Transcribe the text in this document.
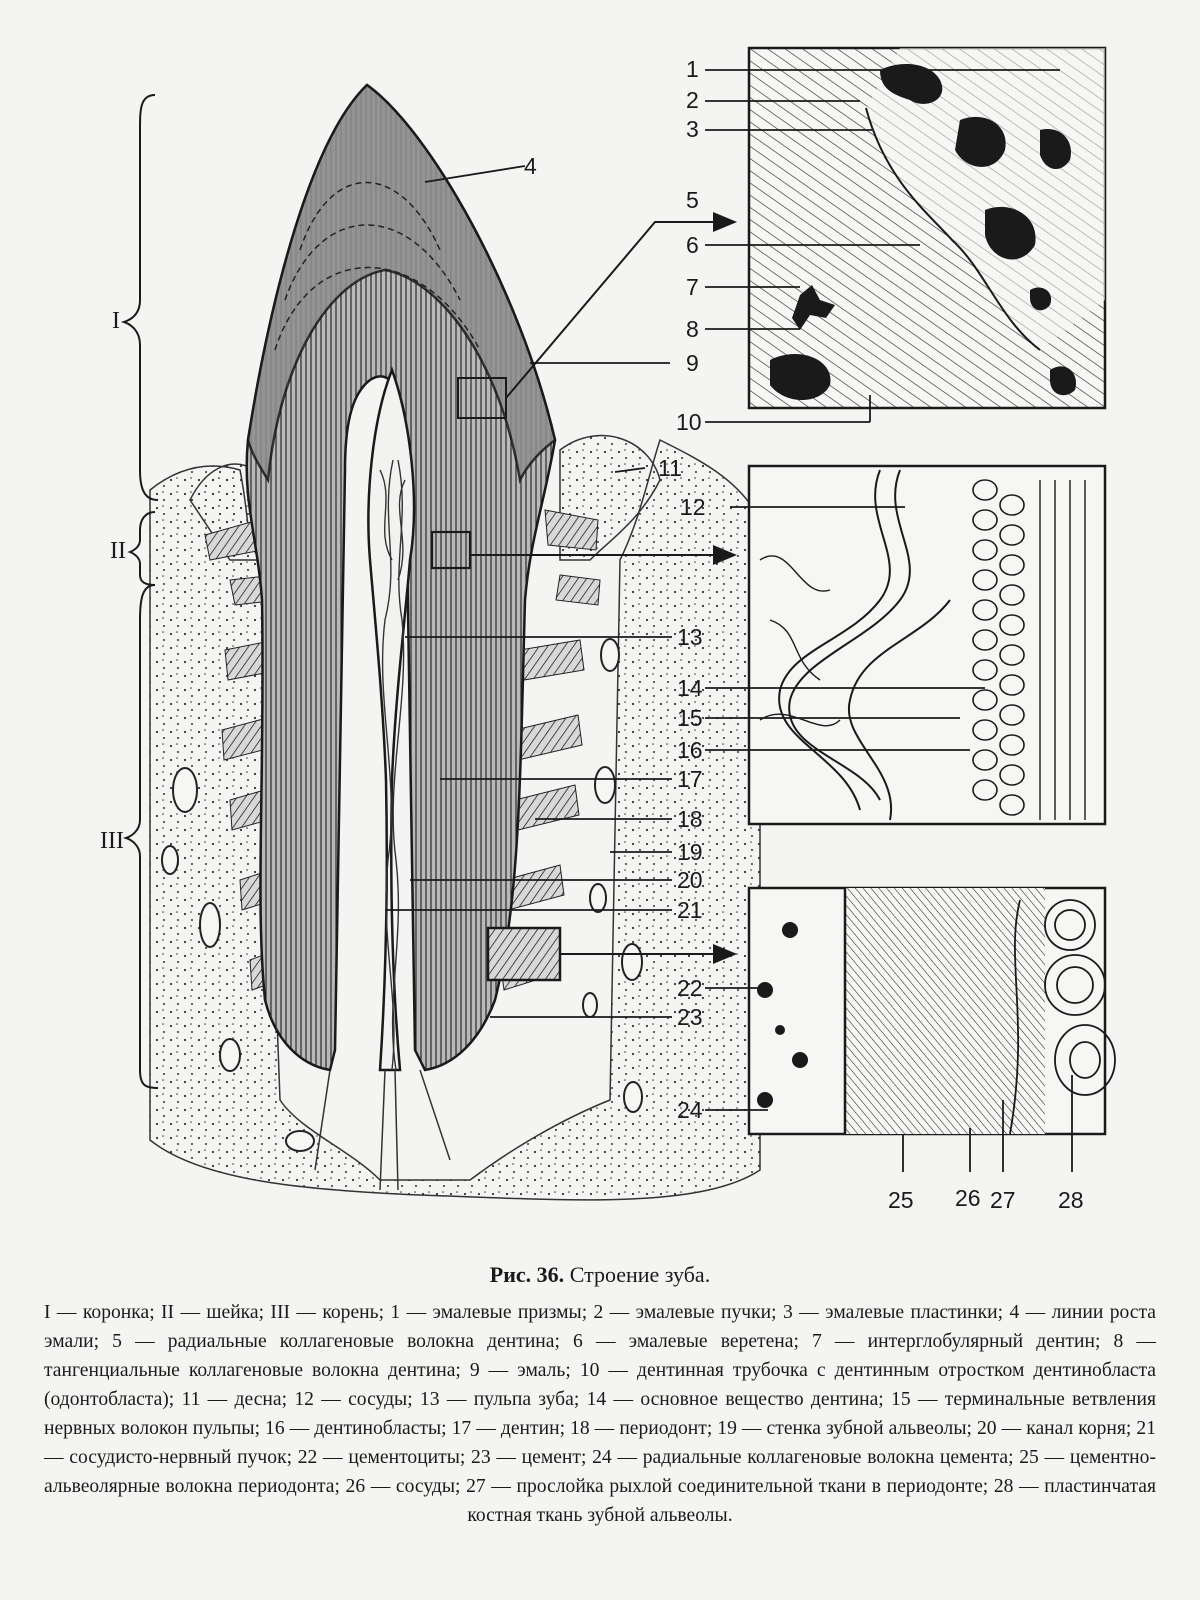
I
II
III
1
2
3
4
5
6
7
8
9
10
11
12
13
14
15
16
17
18
19
20
21
22
23
24
25 26 27 28

Рис. 36. Строение зуба.

I — коронка; II — шейка; III — корень; 1 — эмалевые призмы; 2 — эмалевые пучки; 3 — эмалевые пластинки; 4 — линии роста эмали; 5 — радиальные коллагеновые волокна дентина; 6 — эмалевые веретена; 7 — интерглобулярный дентин; 8 — тангенциальные коллагеновые волокна дентина; 9 — эмаль; 10 — дентинная трубочка с дентинным отростком дентинобласта (одонтобласта); 11 — десна; 12 — сосуды; 13 — пульпа зуба; 14 — основное вещество дентина; 15 — терминальные ветвления нервных волокон пульпы; 16 — дентинобласты; 17 — дентин; 18 — периодонт; 19 — стенка зубной альвеолы; 20 — канал корня; 21 — сосудисто-нервный пучок; 22 — цементоциты; 23 — цемент; 24 — радиальные коллагеновые волокна цемента; 25 — цементно-альвеолярные волокна периодонта; 26 — сосуды; 27 — прослойка рыхлой соединительной ткани в периодонте; 28 — пластинчатая костная ткань зубной альвеолы.
